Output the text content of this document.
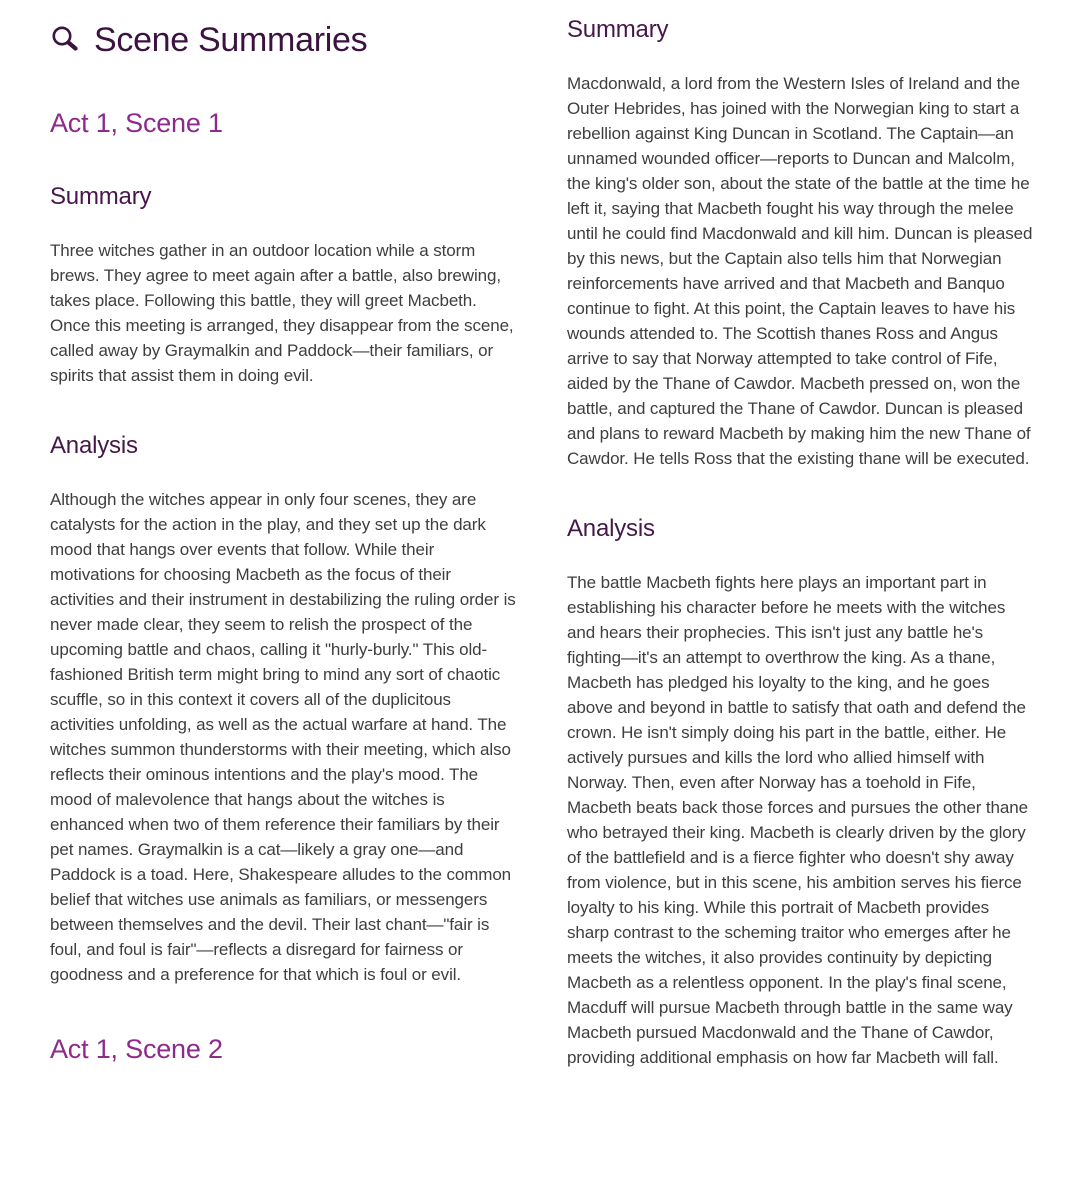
Scene Summaries
Act 1, Scene 1
Summary

Three witches gather in an outdoor location while a storm brews. They agree to meet again after a battle, also brewing, takes place. Following this battle, they will greet Macbeth. Once this meeting is arranged, they disappear from the scene, called away by Graymalkin and Paddock—their familiars, or spirits that assist them in doing evil.

Analysis

Although the witches appear in only four scenes, they are catalysts for the action in the play, and they set up the dark mood that hangs over events that follow. While their motivations for choosing Macbeth as the focus of their activities and their instrument in destabilizing the ruling order is never made clear, they seem to relish the prospect of the upcoming battle and chaos, calling it "hurly-burly." This old-fashioned British term might bring to mind any sort of chaotic scuffle, so in this context it covers all of the duplicitous activities unfolding, as well as the actual warfare at hand. The witches summon thunderstorms with their meeting, which also reflects their ominous intentions and the play's mood. The mood of malevolence that hangs about the witches is enhanced when two of them reference their familiars by their pet names. Graymalkin is a cat—likely a gray one—and Paddock is a toad. Here, Shakespeare alludes to the common belief that witches use animals as familiars, or messengers between themselves and the devil. Their last chant—"fair is foul, and foul is fair"—reflects a disregard for fairness or goodness and a preference for that which is foul or evil.

Act 1, Scene 2
Summary

Macdonwald, a lord from the Western Isles of Ireland and the Outer Hebrides, has joined with the Norwegian king to start a rebellion against King Duncan in Scotland. The Captain—an unnamed wounded officer—reports to Duncan and Malcolm, the king's older son, about the state of the battle at the time he left it, saying that Macbeth fought his way through the melee until he could find Macdonwald and kill him. Duncan is pleased by this news, but the Captain also tells him that Norwegian reinforcements have arrived and that Macbeth and Banquo continue to fight. At this point, the Captain leaves to have his wounds attended to. The Scottish thanes Ross and Angus arrive to say that Norway attempted to take control of Fife, aided by the Thane of Cawdor. Macbeth pressed on, won the battle, and captured the Thane of Cawdor. Duncan is pleased and plans to reward Macbeth by making him the new Thane of Cawdor. He tells Ross that the existing thane will be executed.

Analysis

The battle Macbeth fights here plays an important part in establishing his character before he meets with the witches and hears their prophecies. This isn't just any battle he's fighting—it's an attempt to overthrow the king. As a thane, Macbeth has pledged his loyalty to the king, and he goes above and beyond in battle to satisfy that oath and defend the crown. He isn't simply doing his part in the battle, either. He actively pursues and kills the lord who allied himself with Norway. Then, even after Norway has a toehold in Fife, Macbeth beats back those forces and pursues the other thane who betrayed their king. Macbeth is clearly driven by the glory of the battlefield and is a fierce fighter who doesn't shy away from violence, but in this scene, his ambition serves his fierce loyalty to his king. While this portrait of Macbeth provides sharp contrast to the scheming traitor who emerges after he meets the witches, it also provides continuity by depicting Macbeth as a relentless opponent. In the play's final scene, Macduff will pursue Macbeth through battle in the same way Macbeth pursued Macdonwald and the Thane of Cawdor, providing additional emphasis on how far Macbeth will fall.
